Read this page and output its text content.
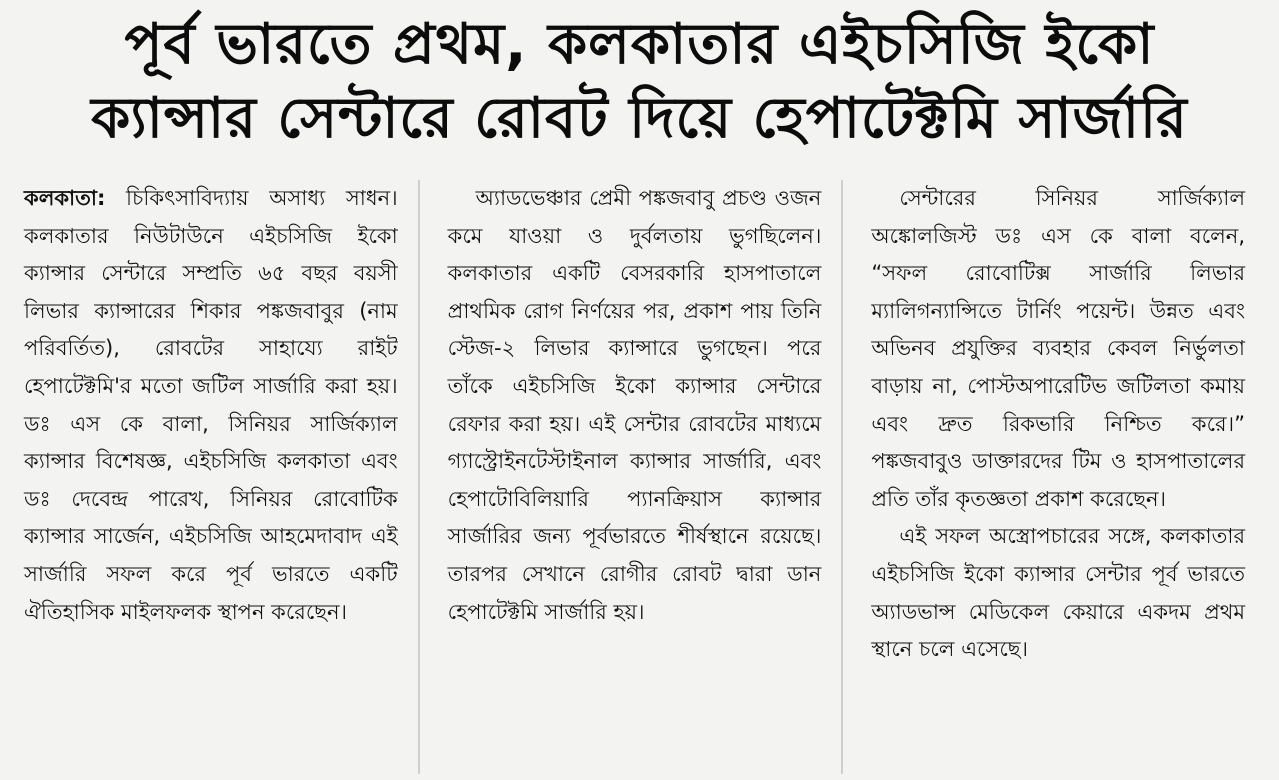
পূর্ব ভারতে প্রথম, কলকাতার এইচসিজি ইকো
ক্যান্সার সেন্টারে রোবট দিয়ে হেপাটেক্টমি সার্জারি

কলকাতা: চিকিৎসাবিদ্যায় অসাধ্য সাধন। কলকাতার নিউটাউনে এইচসিজি ইকো ক্যান্সার সেন্টারে সম্প্রতি ৬৫ বছর বয়সী লিভার ক্যান্সারের শিকার পঙ্কজবাবুর (নাম পরিবর্তিত), রোবটের সাহায্যে রাইট হেপাটেক্টমি'র মতো জটিল সার্জারি করা হয়। ডঃ এস কে বালা, সিনিয়র সার্জিক্যাল ক্যান্সার বিশেষজ্ঞ, এইচসিজি কলকাতা এবং ডঃ দেবেন্দ্র পারেখ, সিনিয়র রোবোটিক ক্যান্সার সার্জেন, এইচসিজি আহমেদাবাদ এই সার্জারি সফল করে পূর্ব ভারতে একটি ঐতিহাসিক মাইলফলক স্থাপন করেছেন।

অ্যাডভেঞ্চার প্রেমী পঙ্কজবাবু প্রচণ্ড ওজন কমে যাওয়া ও দুর্বলতায় ভুগছিলেন। কলকাতার একটি বেসরকারি হাসপাতালে প্রাথমিক রোগ নির্ণয়ের পর, প্রকাশ পায় তিনি স্টেজ-২ লিভার ক্যান্সারে ভুগছেন। পরে তাঁকে এইচসিজি ইকো ক্যান্সার সেন্টারে রেফার করা হয়। এই সেন্টার রোবটের মাধ্যমে গ্যাস্ট্রোইনটেস্টাইনাল ক্যান্সার সার্জারি, এবং হেপাটোবিলিয়ারি প্যানক্রিয়াস ক্যান্সার সার্জারির জন্য পূর্বভারতে শীর্ষস্থানে রয়েছে। তারপর সেখানে রোগীর রোবট দ্বারা ডান হেপাটেক্টমি সার্জারি হয়।

সেন্টারের সিনিয়র সার্জিক্যাল অঙ্কোলজিস্ট ডঃ এস কে বালা বলেন, “সফল রোবোটিক্স সার্জারি লিভার ম্যালিগন্যান্সিতে টার্নিং পয়েন্ট। উন্নত এবং অভিনব প্রযুক্তির ব্যবহার কেবল নির্ভুলতা বাড়ায় না, পোস্টঅপারেটিভ জটিলতা কমায় এবং দ্রুত রিকভারি নিশ্চিত করে।” পঙ্কজবাবুও ডাক্তারদের টিম ও হাসপাতালের প্রতি তাঁর কৃতজ্ঞতা প্রকাশ করেছেন।

এই সফল অস্ত্রোপচারের সঙ্গে, কলকাতার এইচসিজি ইকো ক্যান্সার সেন্টার পূর্ব ভারতে অ্যাডভান্স মেডিকেল কেয়ারে একদম প্রথম স্থানে চলে এসেছে।
